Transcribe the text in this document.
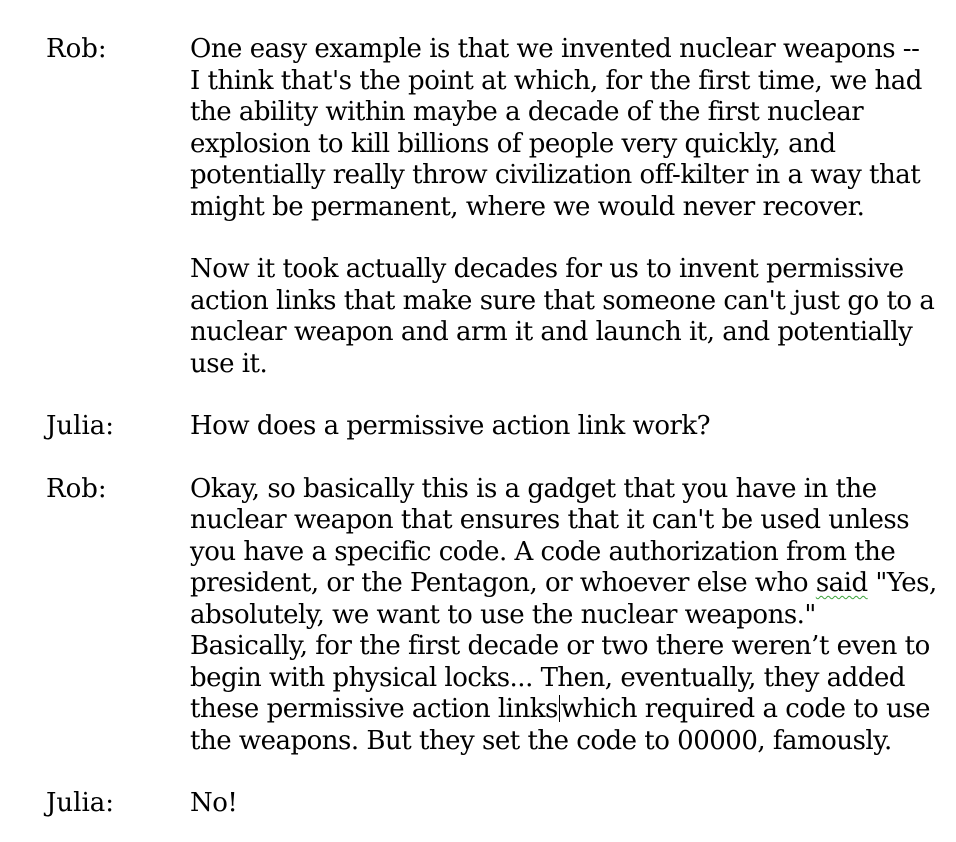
Rob:	One easy example is that we invented nuclear weapons --
I think that's the point at which, for the first time, we had
the ability within maybe a decade of the first nuclear
explosion to kill billions of people very quickly, and
potentially really throw civilization off-kilter in a way that
might be permanent, where we would never recover.

Now it took actually decades for us to invent permissive
action links that make sure that someone can't just go to a
nuclear weapon and arm it and launch it, and potentially
use it.

Julia:	How does a permissive action link work?

Rob:	Okay, so basically this is a gadget that you have in the
nuclear weapon that ensures that it can't be used unless
you have a specific code. A code authorization from the
president, or the Pentagon, or whoever else who said "Yes,
absolutely, we want to use the nuclear weapons."
Basically, for the first decade or two there weren’t even to
begin with physical locks... Then, eventually, they added
these permissive action links which required a code to use
the weapons. But they set the code to 00000, famously.

Julia:	No!
